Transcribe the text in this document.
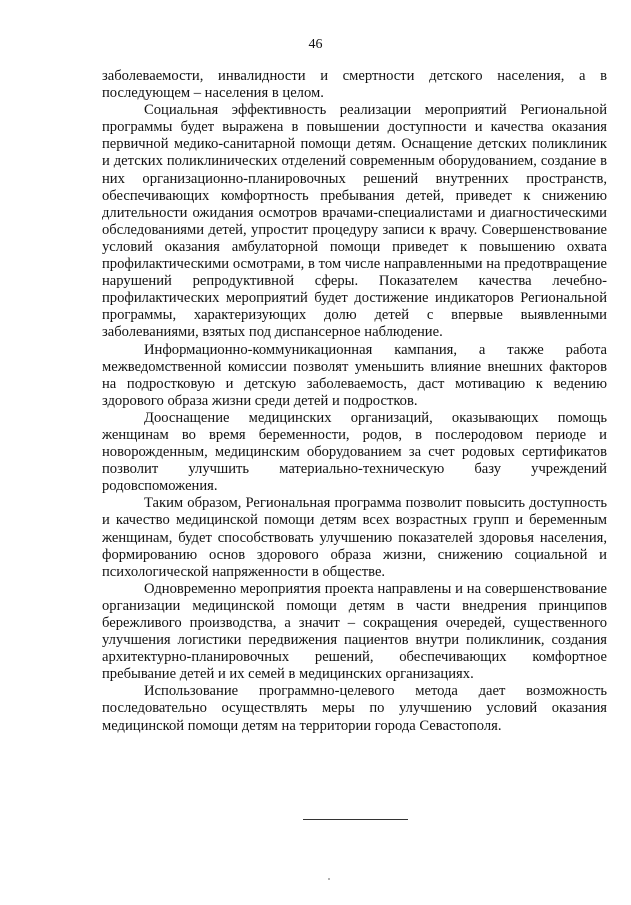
46

заболеваемости, инвалидности и смертности детского населения, а в последующем – населения в целом.

Социальная эффективность реализации мероприятий Региональной программы будет выражена в повышении доступности и качества оказания первичной медико-санитарной помощи детям. Оснащение детских поликлиник и детских поликлинических отделений современным оборудованием, создание в них организационно-планировочных решений внутренних пространств, обеспечивающих комфортность пребывания детей, приведет к снижению длительности ожидания осмотров врачами-специалистами и диагностическими обследованиями детей, упростит процедуру записи к врачу. Совершенствование условий оказания амбулаторной помощи приведет к повышению охвата профилактическими осмотрами, в том числе направленными на предотвращение нарушений репродуктивной сферы. Показателем качества лечебно-профилактических мероприятий будет достижение индикаторов Региональной программы, характеризующих долю детей с впервые выявленными заболеваниями, взятых под диспансерное наблюдение.

Информационно-коммуникационная кампания, а также работа межведомственной комиссии позволят уменьшить влияние внешних факторов на подростковую и детскую заболеваемость, даст мотивацию к ведению здорового образа жизни среди детей и подростков.

Дооснащение медицинских организаций, оказывающих помощь женщинам во время беременности, родов, в послеродовом периоде и новорожденным, медицинским оборудованием за счет родовых сертификатов позволит улучшить материально-техническую базу учреждений родовспоможения.

Таким образом, Региональная программа позволит повысить доступность и качество медицинской помощи детям всех возрастных групп и беременным женщинам, будет способствовать улучшению показателей здоровья населения, формированию основ здорового образа жизни, снижению социальной и психологической напряженности в обществе.

Одновременно мероприятия проекта направлены и на совершенствование организации медицинской помощи детям в части внедрения принципов бережливого производства, а значит – сокращения очередей, существенного улучшения логистики передвижения пациентов внутри поликлиник, создания архитектурно-планировочных решений, обеспечивающих комфортное пребывание детей и их семей в медицинских организациях.

Использование программно-целевого метода дает возможность последовательно осуществлять меры по улучшению условий оказания медицинской помощи детям на территории города Севастополя.
